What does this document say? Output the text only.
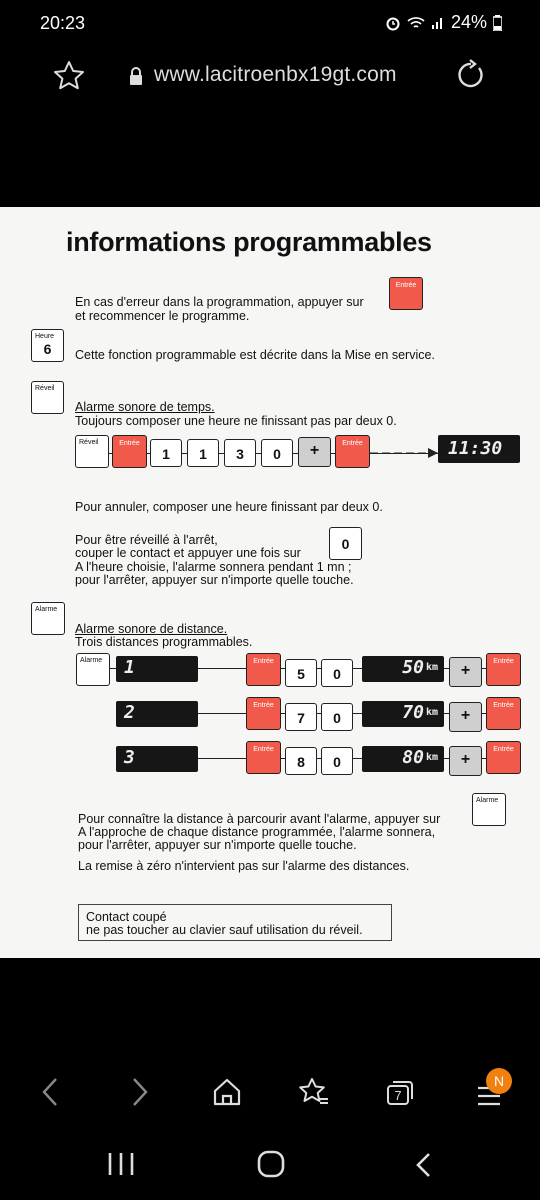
20:23	24%
www.lacitroenbx19gt.com
informations programmables
En cas d'erreur dans la programmation, appuyer sur
et recommencer le programme.
Entrée
Heure
6	Cette fonction programmable est décrite dans la Mise en service.
Réveil
Alarme sonore de temps.
Toujours composer une heure ne finissant pas par deux 0.
Réveil	Entrée
1	1	3	0	+	Entrée	11:30
Pour annuler, composer une heure finissant par deux 0.
Pour être réveillé à l'arrêt,
couper le contact et appuyer une fois sur
0
A l'heure choisie, l'alarme sonnera pendant 1 mn ;
pour l'arrêter, appuyer sur n'importe quelle touche.
Alarme
Alarme sonore de distance.
Trois distances programmables.
Alarme	1	Entrée
5	0	50 $^{km}$	+
Entrée
2	Entrée
7	0	70 $^{km}$	+
Entrée
3	Entrée
8	0	80 $^{km}$	+
Entrée
Pour connaître la distance à parcourir avant l'alarme, appuyer sur
Alarme
A l'approche de chaque distance programmée, l'alarme sonnera,
pour l'arrêter, appuyer sur n'importe quelle touche.
La remise à zéro n'intervient pas sur l'alarme des distances.
Contact coupé
ne pas toucher au clavier sauf utilisation du réveil.
7
N
